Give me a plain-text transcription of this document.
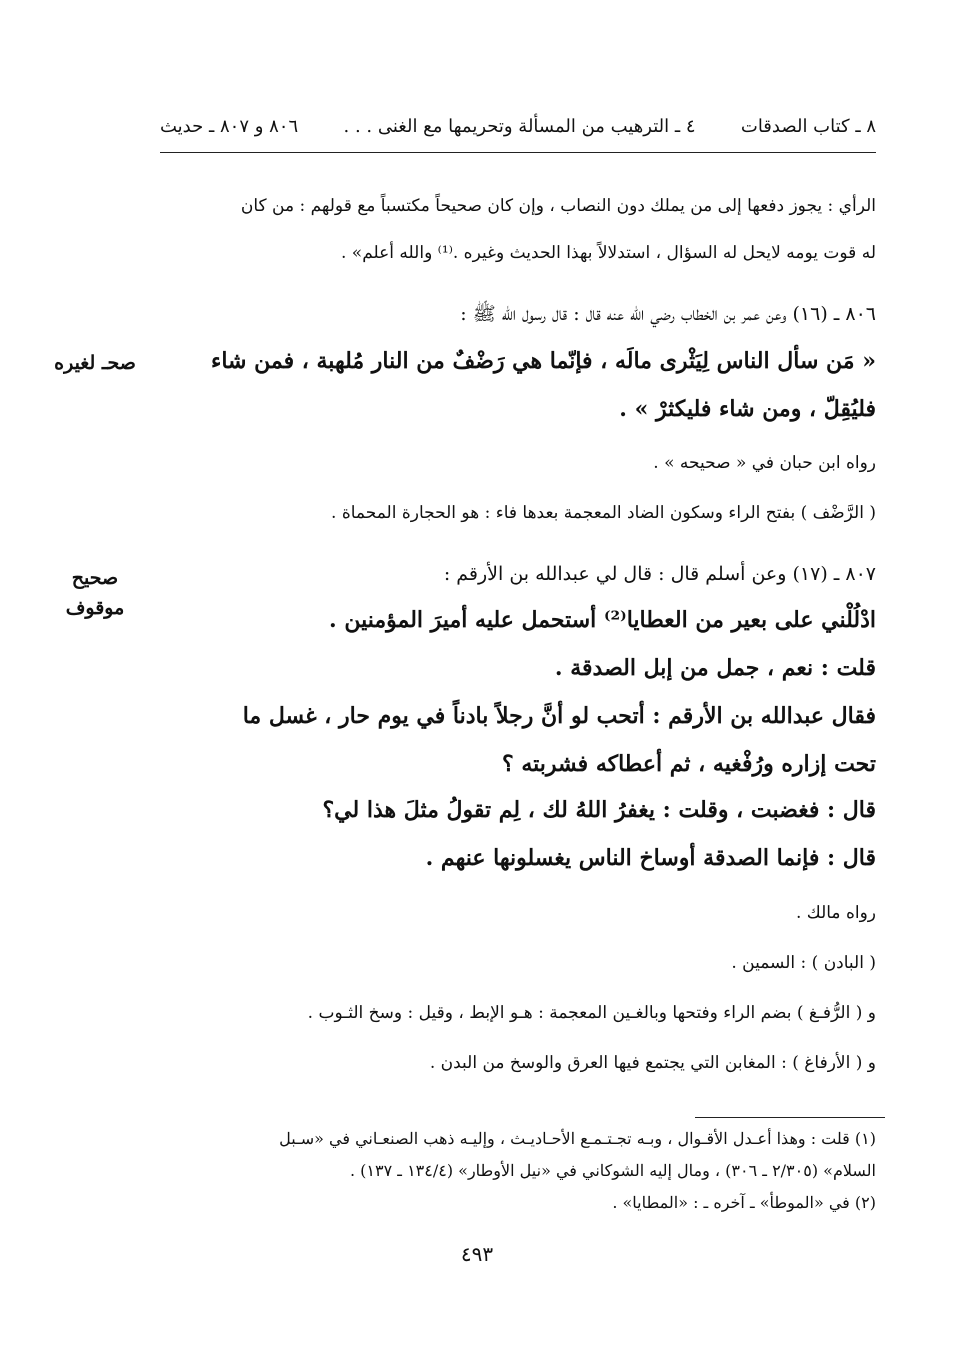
٨ ـ كتاب الصدقات
٤ ـ الترهيب من المسألة وتحريمها مع الغنى . . .
٨٠٦ و ٨٠٧ ـ حديث
الرأي : يجوز دفعها إلى من يملك دون النصاب ، وإن كان صحيحاً مكتسباً مع قولهم : من كان
له قوت يومه لايحل له السؤال ، استدلالاً بهذا الحديث وغيره .⁽¹⁾ والله أعلم» .
٨٠٦ ـ (١٦) وعن عمر بن الخطاب رضي الله عنه قال : قال رسول الله ﷺ :
« مَن سأل الناس لِيَثْرى مالَه ، فإنّما هي رَضْفٌ من النار مُلهبة ، فمن شاء
فليُقِلّ ، ومن شاء فليكثرْ » .
رواه ابن حبان في « صحيحه » .
( الرَّضْف ) بفتح الراء وسكون الضاد المعجمة بعدها فاء : هو الحجارة المحماة .
صحـ لغيره
٨٠٧ ـ (١٧) وعن أسلم قال : قال لي عبدالله بن الأرقم :
ادْلُلْني على بعير من العطايا⁽²⁾ أستحمل عليه أميرَ المؤمنين .
قلت : نعم ، جمل من إبل الصدقة .
فقال عبدالله بن الأرقم : أتحب لو أنَّ رجلاً بادناً في يوم حار ، غسل ما
تحت إزاره ورُفْغيه ، ثم أعطاكه فشربته ؟
قال : فغضبت ، وقلت : يغفرُ اللهُ لك ، لِم تقولُ مثلَ هذا لي؟
قال : فإنما الصدقة أوساخ الناس يغسلونها عنهم .
رواه مالك .
صحيح
موقوف
( البادن ) : السمين .
و ( الرُّفـغ ) بضم الراء وفتحها وبالغـين المعجمة : هـو الإبط ، وقيل : وسخ الثـوب .
و ( الأرفاغ ) : المغابن التي يجتمع فيها العرق والوسخ من البدن .
(١) قلت : وهذا أعـدل الأقـوال ، وبـه تجـتـمـع الأحـاديـث ، وإليـه ذهب الصنعـاني في «سـبل
السلام» (٢/٣٠٥ ـ ٣٠٦) ، ومال إليه الشوكاني في «نيل الأوطار» (١٣٤/٤ ـ ١٣٧) .
(٢) في «الموطأ» ـ آخره ـ : «المطايا» .
٤٩٣
